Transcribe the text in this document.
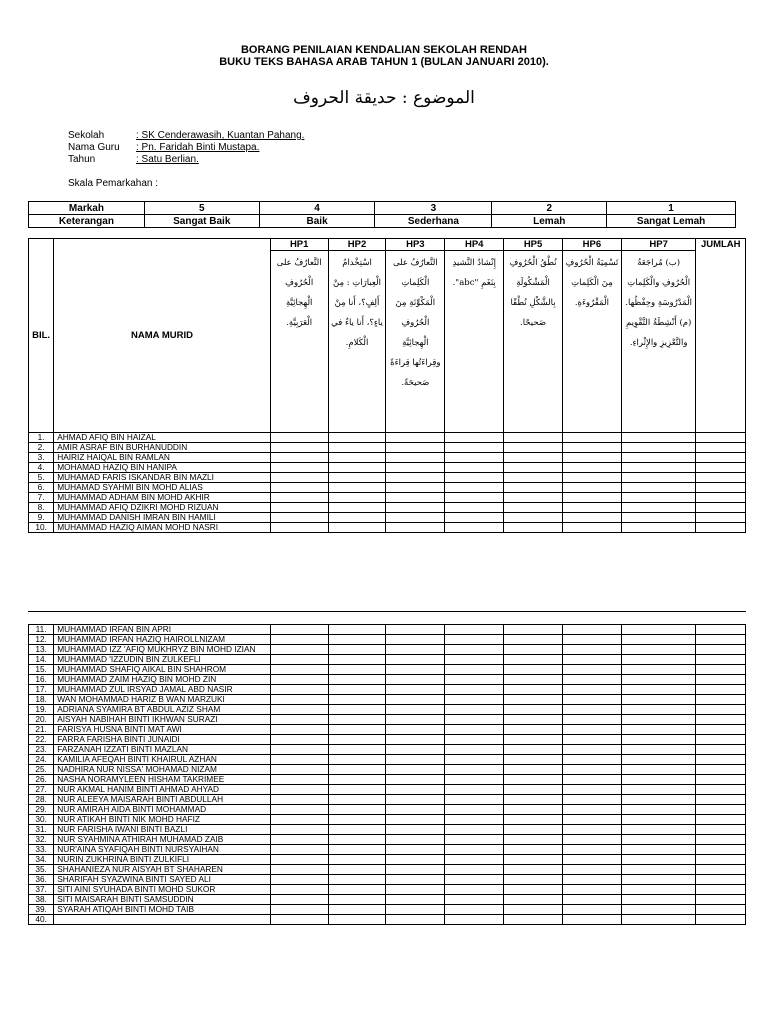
BORANG PENILAIAN KENDALIAN SEKOLAH RENDAH
BUKU TEKS BAHASA ARAB TAHUN 1 (BULAN JANUARI 2010).
الموضوع : حديقة الحروف
Sekolah	: SK Cenderawasih, Kuantan Pahang.
Nama Guru : Pn. Faridah Binti Mustapa.
Tahun	: Satu Berlian.
Skala Pemarkahan :
Markah	5	4	3	2	1
Keterangan	Sangat Baik	Baik	Sederhana	Lemah	Sangat Lemah
BIL.	NAMA MURID	HP1	HP2	HP3	HP4	HP5	HP6	HP7	JUMLAH
		التَّعارُفُ على الْحُرُوفِ الْهِجائِيَّةِ الْعَرَبِيَّةِ.	اسْتِخْدامُ الْعِبارَاتِ : مِنْ أَلِفٍ؟، أَنا مِنْ ياءٍ؟، أَنا ياءٌ في الْكَلامِ.	التَّعارُفُ على الْكَلِماتِ الْمَكْوِّنَةِ مِنَ الْحُرُوفِ الْهِجائِيَّةِ وقِراءَتُها قِراءَةً صَحيحَةً.	إِنْشادُ النَّشيدِ بِنَغَمِ "abc".	نُطْقُ الْحُرُوفِ الْمَشْكُولَةِ بِالشَّكْلِ نُطْقًا صَحيحًا.	تَسْمِيَةُ الْحُرُوفِ مِنَ الْكَلِماتِ الْمَقْرُوءَةِ.	(ب) مُراجَعَةُ الْحُرُوفِ والْكَلِماتِ الْمَدْرُوسَةِ وحِفْظُها. (م) أَنْشِطَةُ التَّقْوِيمِ والتَّعْزِيزِ والإِثْراءِ.	
1.	AHMAD AFIQ BIN HAIZAL								
2.	AMIR ASRAF BIN BURHANUDDIN								
3.	HAIRIZ HAIQAL BIN RAMLAN								
4.	MOHAMAD HAZIQ BIN HANIPA								
5.	MUHAMAD FARIS ISKANDAR BIN MAZLI								
6.	MUHAMAD SYAHMI BIN MOHD ALIAS								
7.	MUHAMMAD ADHAM BIN MOHD AKHIR								
8.	MUHAMMAD AFIQ DZIKRI MOHD RIZUAN								
9.	MUHAMMAD DANISH IMRAN BIN HAMILI								
10.	MUHAMMAD HAZIQ AIMAN MOHD NASRI								
11.	MUHAMMAD IRFAN BIN APRI								
12.	MUHAMMAD IRFAN HAZIQ HAIROLLNIZAM								
13.	MUHAMMAD IZZ 'AFIQ MUKHRYZ BIN MOHD IZIAN								
14.	MUHAMMAD 'IZZUDIN BIN ZULKEFLI								
15.	MUHAMMAD SHAFIQ AIKAL BIN SHAHROM								
16.	MUHAMMAD ZAIM HAZIQ BIN MOHD ZIN								
17.	MUHAMMAD ZUL IRSYAD JAMAL ABD NASIR								
18.	WAN MOHAMMAD HARIZ B WAN MARZUKI								
19.	ADRIANA SYAMIRA BT ABDUL AZIZ SHAM								
20.	AISYAH NABIHAH BINTI IKHWAN SURAZI								
21.	FARISYA HUSNA BINTI MAT AWI								
22.	FARRA FARISHA BINTI JUNAIDI								
23.	FARZANAH IZZATI BINTI MAZLAN								
24.	KAMILIA AFEQAH BINTI KHAIRUL AZHAN								
25.	NADHIRA NUR NISSA' MOHAMAD NIZAM								
26.	NASHA NORAMYLEEN HISHAM TAKRIMEE								
27.	NUR AKMAL HANIM BINTI AHMAD AHYAD								
28.	NUR ALEEYA MAISARAH BINTI ABDULLAH								
29.	NUR AMIRAH AIDA BINTI MOHAMMAD								
30.	NUR ATIKAH BINTI NIK MOHD HAFIZ								
31.	NUR FARISHA IWANI BINTI BAZLI								
32.	NUR SYAHMINA ATHIRAH MUHAMAD ZAIB								
33.	NUR'AINA SYAFIQAH BINTI NURSYAIHAN								
34.	NURIN ZUKHRINA BINTI ZULKIFLI								
35.	SHAHANIEZA NUR AISYAH BT SHAHAREN								
36.	SHARIFAH SYAZWINA BINTI SAYED ALI								
37.	SITI AINI SYUHADA BINTI MOHD SUKOR								
38.	SITI MAISARAH BINTI SAMSUDDIN								
39.	SYARAH ATIQAH BINTI MOHD TAIB								
40.									
